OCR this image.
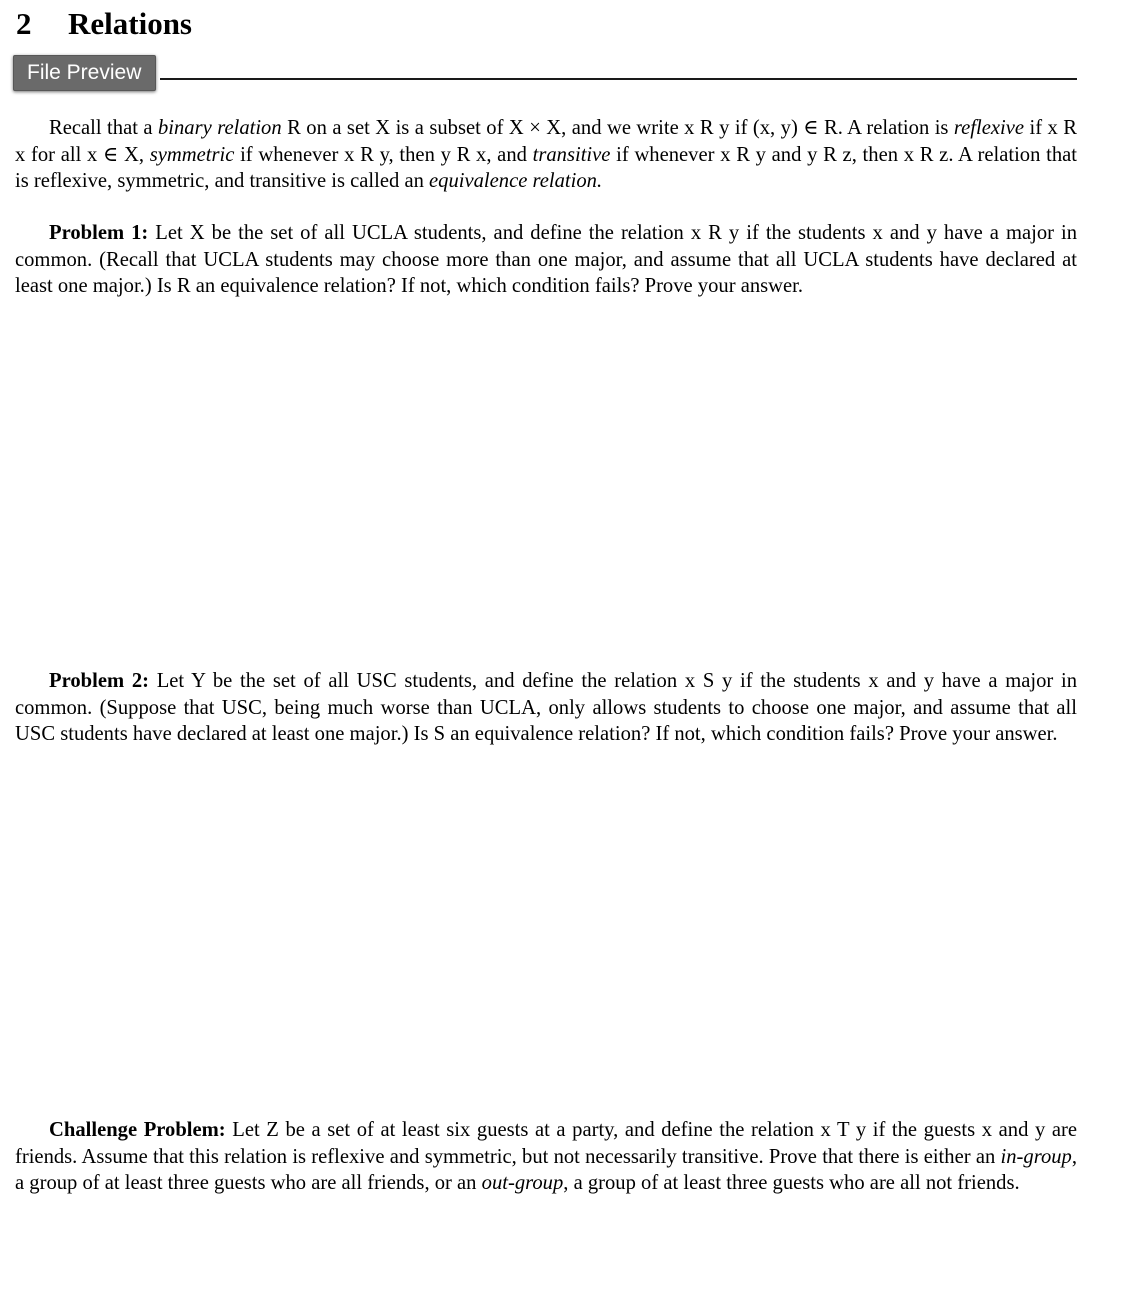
2 Relations
File Preview

Recall that a binary relation R on a set X is a subset of X × X, and we write x R y if (x, y) ∈ R. A relation is reflexive if x R x for all x ∈ X, symmetric if whenever x R y, then y R x, and transitive if whenever x R y and y R z, then x R z. A relation that is reflexive, symmetric, and transitive is called an equivalence relation.

Problem 1: Let X be the set of all UCLA students, and define the relation x R y if the students x and y have a major in common. (Recall that UCLA students may choose more than one major, and assume that all UCLA students have declared at least one major.) Is R an equivalence relation? If not, which condition fails? Prove your answer.

Problem 2: Let Y be the set of all USC students, and define the relation x S y if the students x and y have a major in common. (Suppose that USC, being much worse than UCLA, only allows students to choose one major, and assume that all USC students have declared at least one major.) Is S an equivalence relation? If not, which condition fails? Prove your answer.

Challenge Problem: Let Z be a set of at least six guests at a party, and define the relation x T y if the guests x and y are friends. Assume that this relation is reflexive and symmetric, but not necessarily transitive. Prove that there is either an in-group, a group of at least three guests who are all friends, or an out-group, a group of at least three guests who are all not friends.
